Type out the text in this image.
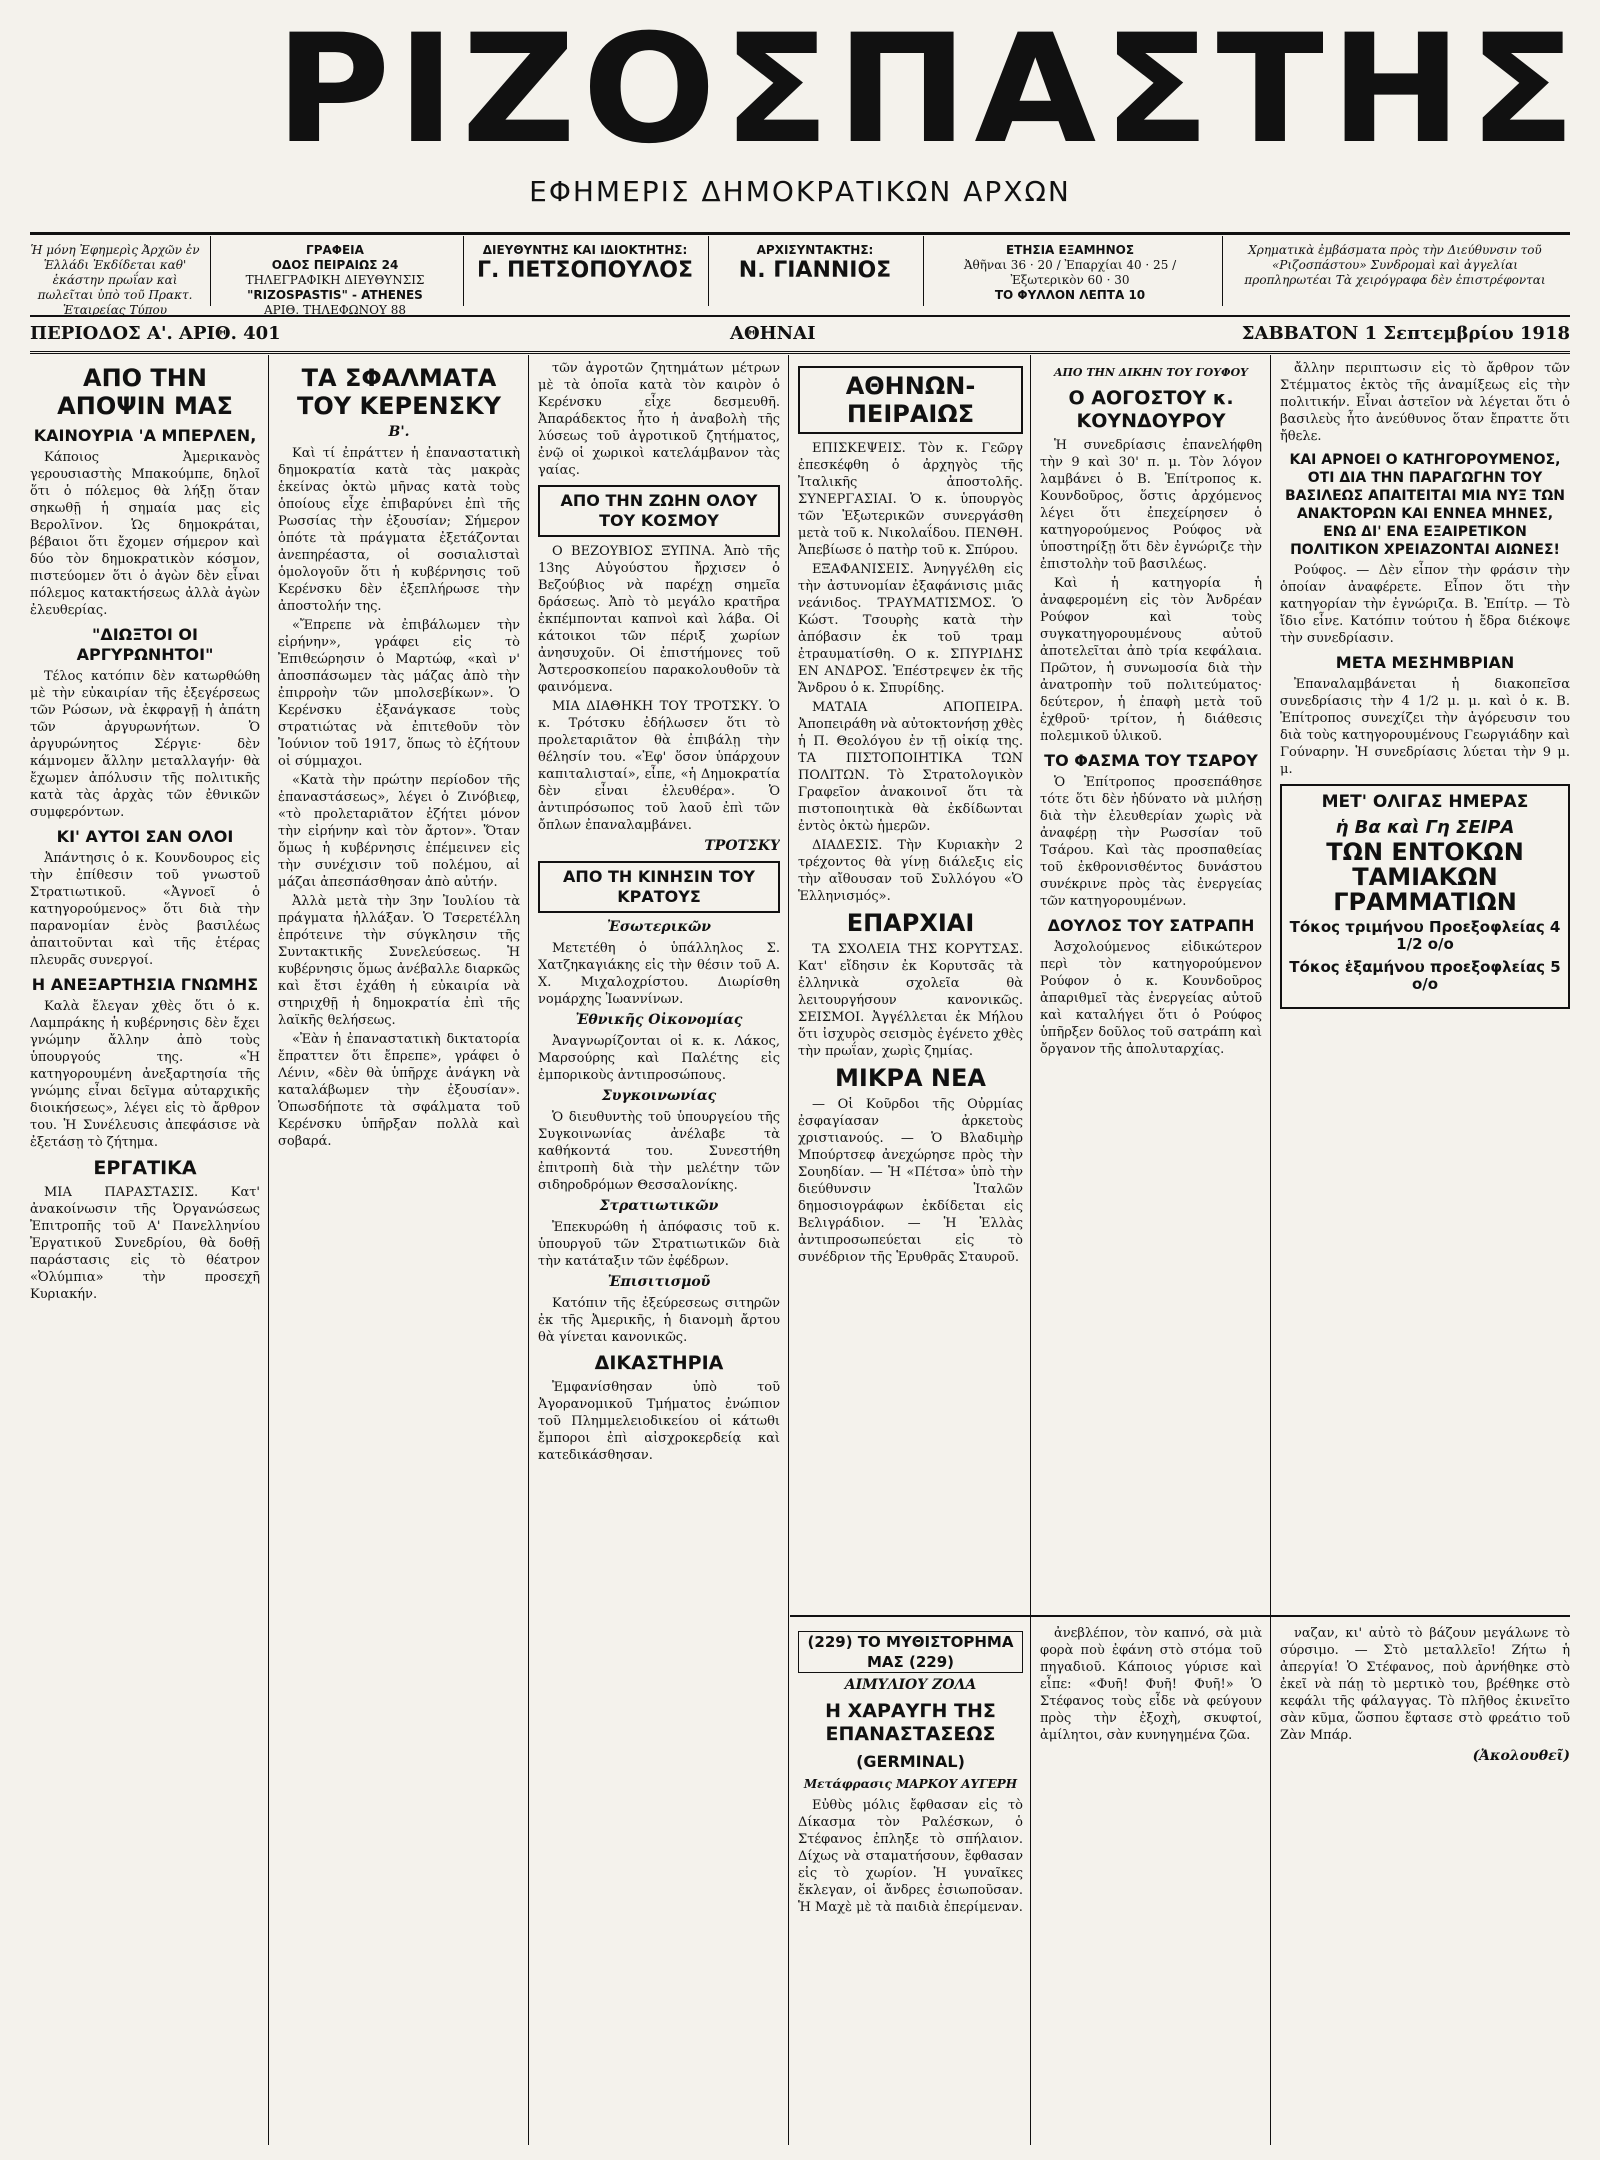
ΡΙΖΟΣΠΑΣΤΗΣ
ΕΦΗΜΕΡΙΣ ΔΗΜΟΚΡΑΤΙΚΩΝ ΑΡΧΩΝ
Ἡ μόνη Ἐφημερὶς Ἀρχῶν ἐν Ἑλλάδι Ἐκδίδεται καθ' ἑκάστην πρωΐαν καὶ πωλεῖται ὑπὸ τοῦ Πρακτ. Ἑταιρείας Τύπου
ΓΡΑΦΕΙΑ
ΟΔΟΣ ΠΕΙΡΑΙΩΣ 24
ΤΗΛΕΓΡΑΦΙΚΗ ΔΙΕΥΘΥΝΣΙΣ

"RIZOSPASTIS" - ATHENES
ΑΡΙΘ. ΤΗΛΕΦΩΝΟΥ 88
ΔΙΕΥΘΥΝΤΗΣ ΚΑΙ ΙΔΙΟΚΤΗΤΗΣ:
Γ. ΠΕΤΣΟΠΟΥΛΟΣ
ΑΡΧΙΣΥΝΤΑΚΤΗΣ:
Ν. ΓΙΑΝΝΙΟΣ
ΕΤΗΣΙΑ ΕΞΑΜΗΝΟΣ
Ἀθῆναι 36 · 20 / Ἐπαρχίαι 40 · 25 / Ἐξωτερικὸν 60 · 30

ΤΟ ΦΥΛΛΟΝ ΛΕΠΤΑ 10
Χρηματικὰ ἐμβάσματα πρὸς τὴν Διεύθυνσιν τοῦ «Ριζοσπάστου» Συνδρομαὶ καὶ ἀγγελίαι προπληρωτέαι Τὰ χειρόγραφα δὲν ἐπιστρέφονται
ΠΕΡΙΟΔΟΣ Α'. ΑΡΙΘ. 401	ΑΘΗΝΑΙ	ΣΑΒΒΑΤΟΝ 1 Σεπτεμβρίου 1918
ΑΠΟ ΤΗΝ ΑΠΟΨΙΝ ΜΑΣ
ΚΑΙΝΟΥΡΙΑ 'Α ΜΠΕΡΛΕΝ,

Κάποιος Ἀμερικανὸς γερουσιαστὴς Μπακούμπε, δηλοῖ ὅτι ὁ πόλεμος θὰ λήξῃ ὅταν σηκωθῇ ἡ σημαία μας εἰς Βερολῖνον. Ὡς δημοκράται, βέβαιοι ὅτι ἔχομεν σήμερον καὶ δύο τὸν δημοκρατικὸν κόσμον, πιστεύομεν ὅτι ὁ ἀγὼν δὲν εἶναι πόλεμος κατακτήσεως ἀλλὰ ἀγὼν ἐλευθερίας.

"ΔΙΩΞΤΟΙ ΟΙ ΑΡΓΥΡΩΝΗΤΟΙ"

Τέλος κατόπιν δὲν κατωρθώθη μὲ τὴν εὐκαιρίαν τῆς ἐξεγέρσεως τῶν Ρώσων, νὰ ἐκφραγῇ ἡ ἀπάτη τῶν ἀργυρωνήτων. Ὁ ἀργυρώνητος Σέργιε· δὲν κάμνομεν ἄλλην μεταλλαγήν· θὰ ἔχωμεν ἀπόλυσιν τῆς πολιτικῆς κατὰ τὰς ἀρχὰς τῶν ἐθνικῶν συμφερόντων.

ΚΙ' ΑΥΤΟΙ ΣΑΝ ΟΛΟΙ

Ἀπάντησις ὁ κ. Κουνδουρος εἰς τὴν ἐπίθεσιν τοῦ γνωστοῦ Στρατιωτικοῦ. «Ἀγνοεῖ ὁ κατηγορούμενος» ὅτι διὰ τὴν παρανομίαν ἑνὸς βασιλέως ἀπαιτοῦνται καὶ τῆς ἑτέρας πλευρᾶς συνεργοί.

Η ΑΝΕΞΑΡΤΗΣΙΑ ΓΝΩΜΗΣ

Καλὰ ἔλεγαν χθὲς ὅτι ὁ κ. Λαμπράκης ἡ κυβέρνησις δὲν ἔχει γνώμην ἄλλην ἀπὸ τοὺς ὑπουργούς της. «Ἡ κατηγορουμένη ἀνεξαρτησία τῆς γνώμης εἶναι δεῖγμα αὐταρχικῆς διοικήσεως», λέγει εἰς τὸ ἄρθρον του. Ἡ Συνέλευσις ἀπεφάσισε νὰ ἐξετάσῃ τὸ ζήτημα.

ΕΡΓΑΤΙΚΑ

ΜΙΑ ΠΑΡΑΣΤΑΣΙΣ. Κατ' ἀνακοίνωσιν τῆς Ὀργανώσεως Ἐπιτροπῆς τοῦ Α' Πανελληνίου Ἐργατικοῦ Συνεδρίου, θὰ δοθῇ παράστασις εἰς τὸ θέατρον «Ὀλύμπια» τὴν προσεχῆ Κυριακήν.

ΤΑ ΣΦΑΛΜΑΤΑ ΤΟΥ ΚΕΡΕΝΣΚΥ
Β'.

Καὶ τί ἐπράττεν ἡ ἐπαναστατικὴ δημοκρατία κατὰ τὰς μακρὰς ἑκείνας ὀκτὼ μῆνας κατὰ τοὺς ὁποίους εἶχε ἐπιβαρύνει ἐπὶ τῆς Ρωσσίας τὴν ἐξουσίαν; Σήμερον ὁπότε τὰ πράγματα ἐξετάζονται ἀνεπηρέαστα, οἱ σοσιαλισταὶ ὁμολογοῦν ὅτι ἡ κυβέρνησις τοῦ Κερένσκυ δὲν ἐξεπλήρωσε τὴν ἀποστολήν της.

«Ἔπρεπε νὰ ἐπιβάλωμεν τὴν εἰρήνην», γράφει εἰς τὸ Ἐπιθεώρησιν ὁ Μαρτώφ, «καὶ ν' ἀποσπάσωμεν τὰς μάζας ἀπὸ τὴν ἐπιρροὴν τῶν μπολσεβίκων». Ὁ Κερένσκυ ἐξανάγκασε τοὺς στρατιώτας νὰ ἐπιτεθοῦν τὸν Ἰούνιον τοῦ 1917, ὅπως τὸ ἐζήτουν οἱ σύμμαχοι.

«Κατὰ τὴν πρώτην περίοδον τῆς ἐπαναστάσεως», λέγει ὁ Ζινόβιεφ, «τὸ προλεταριᾶτον ἐζήτει μόνον τὴν εἰρήνην καὶ τὸν ἄρτον». Ὅταν ὅμως ἡ κυβέρνησις ἐπέμεινεν εἰς τὴν συνέχισιν τοῦ πολέμου, αἱ μάζαι ἀπεσπάσθησαν ἀπὸ αὐτήν.

Ἀλλὰ μετὰ τὴν 3ην Ἰουλίου τὰ πράγματα ἠλλάξαν. Ὁ Τσερετέλλη ἐπρότεινε τὴν σύγκλησιν τῆς Συντακτικῆς Συνελεύσεως. Ἡ κυβέρνησις ὅμως ἀνέβαλλε διαρκῶς καὶ ἔτσι ἐχάθη ἡ εὐκαιρία νὰ στηριχθῇ ἡ δημοκρατία ἐπὶ τῆς λαϊκῆς θελήσεως.

«Ἐὰν ἡ ἐπαναστατικὴ δικτατορία ἔπραττεν ὅτι ἔπρεπε», γράφει ὁ Λένιν, «δὲν θὰ ὑπῆρχε ἀνάγκη νὰ καταλάβωμεν τὴν ἐξουσίαν». Ὁπωσδήποτε τὰ σφάλματα τοῦ Κερένσκυ ὑπῆρξαν πολλὰ καὶ σοβαρά.

τῶν ἀγροτῶν ζητημάτων μέτρων μὲ τὰ ὁποῖα κατὰ τὸν καιρὸν ὁ Κερένσκυ εἶχε δεσμευθῆ. Ἀπαράδεκτος ἦτο ἡ ἀναβολὴ τῆς λύσεως τοῦ ἀγροτικοῦ ζητήματος, ἐνῷ οἱ χωρικοὶ κατελάμβανον τὰς γαίας.

ΑΠΟ ΤΗΝ ΖΩΗΝ ΟΛΟΥ ΤΟΥ ΚΟΣΜΟΥ

Ο ΒΕΖΟΥΒΙΟΣ ΞΥΠΝΑ. Ἀπὸ τῆς 13ης Αὐγούστου ἤρχισεν ὁ Βεζούβιος νὰ παρέχῃ σημεῖα δράσεως. Ἀπὸ τὸ μεγάλο κρατῆρα ἐκπέμπονται καπνοὶ καὶ λάβα. Οἱ κάτοικοι τῶν πέριξ χωρίων ἀνησυχοῦν. Οἱ ἐπιστήμονες τοῦ Ἀστεροσκοπείου παρακολουθοῦν τὰ φαινόμενα.

ΜΙΑ ΔΙΑΘΗΚΗ ΤΟΥ ΤΡΟΤΣΚΥ. Ὁ κ. Τρότσκυ ἐδήλωσεν ὅτι τὸ προλεταριᾶτον θὰ ἐπιβάλῃ τὴν θέλησίν του. «Ἐφ' ὅσον ὑπάρχουν καπιταλισταί», εἶπε, «ἡ Δημοκρατία δὲν εἶναι ἐλευθέρα». Ὁ ἀντιπρόσωπος τοῦ λαοῦ ἐπὶ τῶν ὄπλων ἐπαναλαμβάνει.

ΤΡΟΤΣΚΥ
ΑΠΟ ΤΗ ΚΙΝΗΣΙΝ ΤΟΥ ΚΡΑΤΟΥΣ
Ἐσωτερικῶν

Μετετέθη ὁ ὑπάλληλος Σ. Χατζηκαγιάκης εἰς τὴν θέσιν τοῦ Α. Χ. Μιχαλοχρίστου. Διωρίσθη νομάρχης Ἰωαννίνων.

Ἐθνικῆς Οἰκονομίας

Ἀναγνωρίζονται οἱ κ. κ. Λάκος, Μαρσούρης καὶ Παλέτης εἰς ἐμπορικοὺς ἀντιπροσώπους.

Συγκοινωνίας

Ὁ διευθυντὴς τοῦ ὑπουργείου τῆς Συγκοινωνίας ἀνέλαβε τὰ καθήκοντά του. Συνεστήθη ἐπιτροπὴ διὰ τὴν μελέτην τῶν σιδηροδρόμων Θεσσαλονίκης.

Στρατιωτικῶν

Ἐπεκυρώθη ἡ ἀπόφασις τοῦ κ. ὑπουργοῦ τῶν Στρατιωτικῶν διὰ τὴν κατάταξιν τῶν ἐφέδρων.

Ἐπισιτισμοῦ

Κατόπιν τῆς ἐξεύρεσεως σιτηρῶν ἐκ τῆς Ἀμερικῆς, ἡ διανομὴ ἄρτου θὰ γίνεται κανονικῶς.

ΔΙΚΑΣΤΗΡΙΑ

Ἐμφανίσθησαν ὑπὸ τοῦ Ἀγορανομικοῦ Τμήματος ἐνώπιον τοῦ Πλημμελειοδικείου οἱ κάτωθι ἔμποροι ἐπὶ αἰσχροκερδείᾳ καὶ κατεδικάσθησαν.

ΑΘΗΝΩΝ-ΠΕΙΡΑΙΩΣ

ΕΠΙΣΚΕΨΕΙΣ. Τὸν κ. Γεῶργ ἐπεσκέφθη ὁ ἀρχηγὸς τῆς Ἰταλικῆς ἀποστολῆς. ΣΥΝΕΡΓΑΣΙΑΙ. Ὁ κ. ὑπουργὸς τῶν Ἐξωτερικῶν συνεργάσθη μετὰ τοῦ κ. Νικολαΐδου. ΠΕΝΘΗ. Ἀπεβίωσε ὁ πατὴρ τοῦ κ. Σπύρου.

ΕΞΑΦΑΝΙΣΕΙΣ. Ἀνηγγέλθη εἰς τὴν ἀστυνομίαν ἐξαφάνισις μιᾶς νεάνιδος. ΤΡΑΥΜΑΤΙΣΜΟΣ. Ὁ Κώστ. Τσουρὴς κατὰ τὴν ἀπόβασιν ἐκ τοῦ τραμ ἐτραυματίσθη. Ο κ. ΣΠΥΡΙΔΗΣ ΕΝ ΑΝΔΡΟΣ. Ἐπέστρεψεν ἐκ τῆς Ἄνδρου ὁ κ. Σπυρίδης.

ΜΑΤΑΙΑ ΑΠΟΠΕΙΡΑ. Ἀποπειράθη νὰ αὐτοκτονήσῃ χθὲς ἡ Π. Θεολόγου ἐν τῇ οἰκίᾳ της. ΤΑ ΠΙΣΤΟΠΟΙΗΤΙΚΑ ΤΩΝ ΠΟΛΙΤΩΝ. Τὸ Στρατολογικὸν Γραφεῖον ἀνακοινοῖ ὅτι τὰ πιστοποιητικὰ θὰ ἐκδίδωνται ἐντὸς ὀκτὼ ἡμερῶν.

ΔΙΑΔΕΣΙΣ. Τὴν Κυριακὴν 2 τρέχοντος θὰ γίνῃ διάλεξις εἰς τὴν αἴθουσαν τοῦ Συλλόγου «Ὁ Ἑλληνισμός».

ΕΠΑΡΧΙΑΙ

ΤΑ ΣΧΟΛΕΙΑ ΤΗΣ ΚΟΡΥΤΣΑΣ. Κατ' εἴδησιν ἐκ Κορυτσᾶς τὰ ἑλληνικὰ σχολεῖα θὰ λειτουργήσουν κανονικῶς. ΣΕΙΣΜΟΙ. Ἀγγέλλεται ἐκ Μήλου ὅτι ἰσχυρὸς σεισμὸς ἐγένετο χθὲς τὴν πρωΐαν, χωρὶς ζημίας.

ΜΙΚΡΑ ΝΕΑ

— Οἱ Κοῦρδοι τῆς Οὐρμίας ἐσφαγίασαν ἀρκετοὺς χριστιανούς. — Ὁ Βλαδιμὴρ Μπούρτσεφ ἀνεχώρησε πρὸς τὴν Σουηδίαν. — Ἡ «Πέτσα» ὑπὸ τὴν διεύθυνσιν Ἰταλῶν δημοσιογράφων ἐκδίδεται εἰς Βελιγράδιον. — Ἡ Ἑλλὰς ἀντιπροσωπεύεται εἰς τὸ συνέδριον τῆς Ἑρυθρᾶς Σταυροῦ.

ΑΠΟ ΤΗΝ ΔΙΚΗΝ ΤΟΥ ΓΟΥΦΟΥ
Ο ΑΟΓΟΣΤΟΥ κ. ΚΟΥΝΔΟΥΡΟΥ

Ἡ συνεδρίασις ἐπανελήφθη τὴν 9 καὶ 30' π. μ. Τὸν λόγον λαμβάνει ὁ Β. Ἐπίτροπος κ. Κουνδοῦρος, ὅστις ἀρχόμενος λέγει ὅτι ἐπεχείρησεν ὁ κατηγορούμενος Ρούφος νὰ ὑποστηρίξῃ ὅτι δὲν ἐγνώριζε τὴν ἐπιστολὴν τοῦ βασιλέως.

Καὶ ἡ κατηγορία ἡ ἀναφερομένη εἰς τὸν Ἀνδρέαν Ρούφον καὶ τοὺς συγκατηγορουμένους αὐτοῦ ἀποτελεῖται ἀπὸ τρία κεφάλαια. Πρῶτον, ἡ συνωμοσία διὰ τὴν ἀνατροπὴν τοῦ πολιτεύματος· δεύτερον, ἡ ἐπαφὴ μετὰ τοῦ ἐχθροῦ· τρίτον, ἡ διάθεσις πολεμικοῦ ὑλικοῦ.

ΤΟ ΦΑΣΜΑ ΤΟΥ ΤΣΑΡΟΥ

Ὁ Ἐπίτροπος προσεπάθησε τότε ὅτι δὲν ἠδύνατο νὰ μιλήσῃ διὰ τὴν ἐλευθερίαν χωρὶς νὰ ἀναφέρῃ τὴν Ρωσσίαν τοῦ Τσάρου. Καὶ τὰς προσπαθείας τοῦ ἐκθρονισθέντος δυνάστου συνέκρινε πρὸς τὰς ἐνεργείας τῶν κατηγορουμένων.

ΔΟΥΛΟΣ ΤΟΥ ΣΑΤΡΑΠΗ

Ἀσχολούμενος εἰδικώτερον περὶ τὸν κατηγορούμενον Ρούφον ὁ κ. Κουνδοῦρος ἀπαριθμεῖ τὰς ἐνεργείας αὐτοῦ καὶ καταλήγει ὅτι ὁ Ρούφος ὑπῆρξεν δοῦλος τοῦ σατράπη καὶ ὄργανον τῆς ἀπολυταρχίας.

ἄλλην περιπτωσιν εἰς τὸ ἄρθρον τῶν Στέμματος ἐκτὸς τῆς ἀναμίξεως εἰς τὴν πολιτικήν. Εἶναι ἀστεῖον νὰ λέγεται ὅτι ὁ βασιλεὺς ἦτο ἀνεύθυνος ὅταν ἔπραττε ὅτι ἤθελε.

ΚΑΙ ΑΡΝΟΕΙ Ο ΚΑΤΗΓΟΡΟΥΜΕΝΟΣ, ΟΤΙ ΔΙΑ ΤΗΝ ΠΑΡΑΓΩΓΗΝ ΤΟΥ ΒΑΣΙΛΕΩΣ ΑΠΑΙΤΕΙΤΑΙ ΜΙΑ ΝΥΞ ΤΩΝ ΑΝΑΚΤΟΡΩΝ ΚΑΙ ΕΝΝΕΑ ΜΗΝΕΣ, ΕΝΩ ΔΙ' ΕΝΑ ΕΞΑΙΡΕΤΙΚΟΝ ΠΟΛΙΤΙΚΟΝ ΧΡΕΙΑΖΟΝΤΑΙ ΑΙΩΝΕΣ!

Ρούφος. — Δὲν εἶπον τὴν φράσιν τὴν ὁποίαν ἀναφέρετε. Εἶπον ὅτι τὴν κατηγορίαν τὴν ἐγνώριζα. Β. Ἐπίτρ. — Τὸ ἴδιο εἶνε. Κατόπιν τούτου ἡ ἔδρα διέκοψε τὴν συνεδρίασιν.

ΜΕΤΑ ΜΕΣΗΜΒΡΙΑΝ

Ἐπαναλαμβάνεται ἡ διακοπεῖσα συνεδρίασις τὴν 4 1/2 μ. μ. καὶ ὁ κ. Β. Ἐπίτροπος συνεχίζει τὴν ἀγόρευσιν του διὰ τοὺς κατηγορουμένους Γεωργιάδην καὶ Γούναρην. Ἡ συνεδρίασις λύεται τὴν 9 μ. μ.

ΜΕΤ' ΟΛΙΓΑΣ ΗΜΕΡΑΣ
ἡ Βα καὶ Γη ΣΕΙΡΑ
ΤΩΝ ΕΝΤΟΚΩΝ
ΤΑΜΙΑΚΩΝ
ΓΡΑΜΜΑΤΙΩΝ
Τόκος τριμήνου Προεξοφλείας 4 1/2 ο/ο
Τόκος ἑξαμήνου προεξοφλείας 5 ο/ο
(229) ΤΟ ΜΥΘΙΣΤΟΡΗΜΑ ΜΑΣ (229)
ΑΙΜΥΛΙΟΥ ΖΟΛΑ
Η ΧΑΡΑΥΓΗ ΤΗΣ ΕΠΑΝΑΣΤΑΣΕΩΣ
(GERMINAL)
Μετάφρασις ΜΑΡΚΟΥ ΑΥΓΕΡΗ

Εὐθὺς μόλις ἔφθασαν εἰς τὸ Δίκασμα τὸν Ραλέσκων, ὁ Στέφανος ἐπληξε τὸ σπήλαιον. Δίχως νὰ σταματήσουν, ἔφθασαν εἰς τὸ χωρίον. Ἡ γυναῖκες ἔκλεγαν, οἱ ἄνδρες ἐσιωποῦσαν. Ἡ Μαχὲ μὲ τὰ παιδιὰ ἐπερίμεναν.

ἀνεβλέπον, τὸν καπνό, σὰ μιὰ φορὰ ποὺ ἐφάνη στὸ στόμα τοῦ πηγαδιοῦ. Κάποιος γύρισε καὶ εἶπε: «Φυῆ! Φυῆ! Φυῆ!» Ὁ Στέφανος τοὺς εἶδε νὰ φεύγουν πρὸς τὴν ἐξοχὴ, σκυφτοί, ἀμίλητοι, σὰν κυνηγημένα ζῶα.

ναζαν, κι' αὐτὸ τὸ βάζουν μεγάλωνε τὸ σύρσιμο. — Στὸ μεταλλεῖο! Ζήτω ἡ ἀπεργία! Ὁ Στέφανος, ποὺ ἀρνήθηκε στὸ ἐκεῖ νὰ πάῃ τὸ μερτικὸ του, βρέθηκε στὸ κεφάλι τῆς φάλαγγας. Τὸ πλῆθος ἐκινεῖτο σὰν κῦμα, ὥσπου ἔφτασε στὸ φρεάτιο τοῦ Ζὰν Μπάρ.

(Ἀκολουθεῖ)
